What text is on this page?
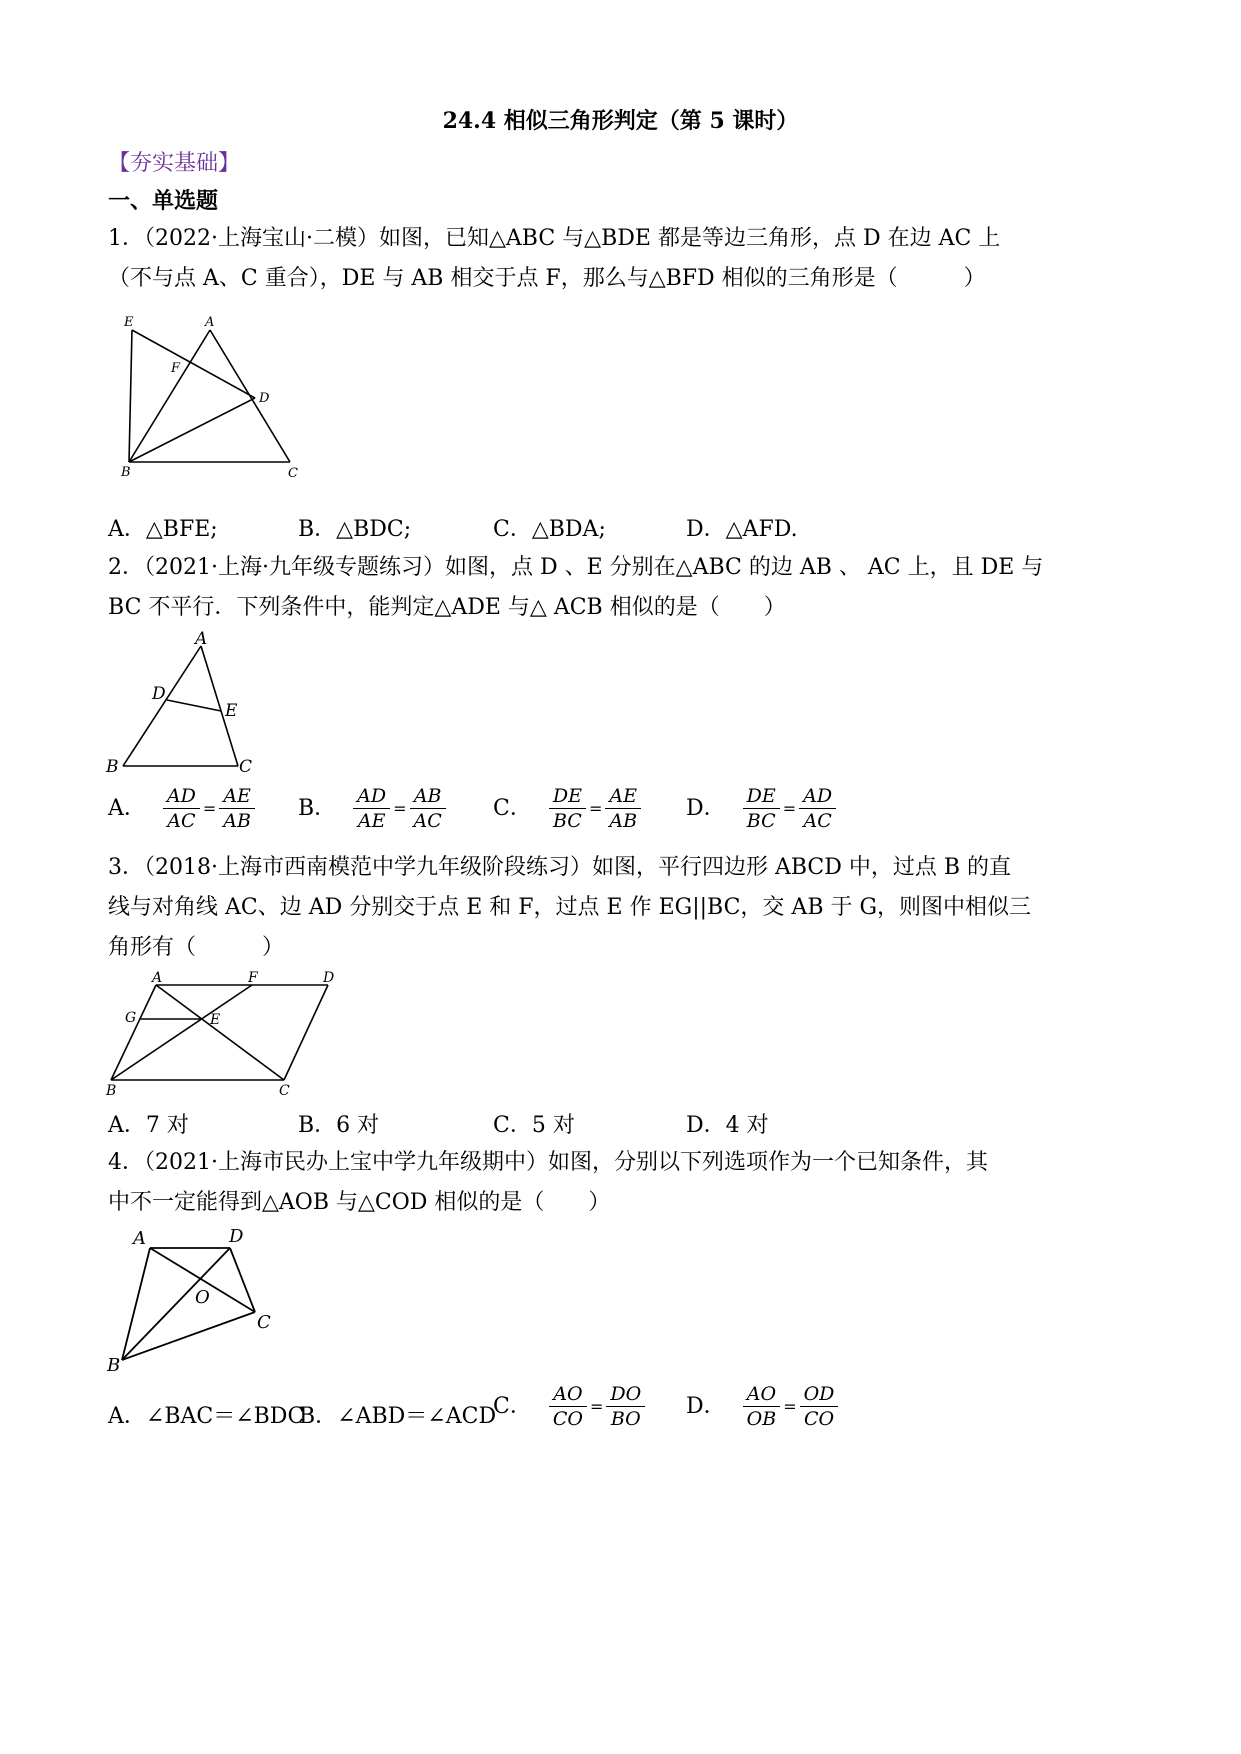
24.4 相似三角形判定（第 5 课时）
【夯实基础】
一、单选题
1．（2022·上海宝山·二模）如图，已知△ABC 与△BDE 都是等边三角形，点 D 在边 AC 上
（不与点 A、C 重合），DE 与 AB 相交于点 F，那么与△BFD 相似的三角形是（　　　）
E	A
F
D
B	C
A．△BFE;	B．△BDC;	C．△BDA;	D．△AFD.
2．（2021·上海·九年级专题练习）如图，点 D 、E 分别在△ABC 的边 AB 、 AC 上，且 DE 与
BC 不平行．下列条件中，能判定△ADE 与△ ACB 相似的是（　　）
A
D
E
B	C
A． $\frac{AD}{AC} = \frac{AE}{AB}$ B． $\frac{AD}{AE} = \frac{AB}{AC}$ C． $\frac{DE}{BC} = \frac{AE}{AB}$ D． $\frac{DE}{BC} = \frac{AD}{AC}$
3．（2018·上海市西南模范中学九年级阶段练习）如图，平行四边形 ABCD 中，过点 B 的直
线与对角线 AC、边 AD 分别交于点 E 和 F，过点 E 作 EG||BC，交 AB 于 G，则图中相似三
角形有（　　　）
A	F	D
G	E
B	C
A．7 对	B．6 对	C．5 对	D．4 对
4．（2021·上海市民办上宝中学九年级期中）如图，分别以下列选项作为一个已知条件，其
中不一定能得到△AOB 与△COD 相似的是（　　）
A	D
O
C
B
A．∠BAC＝∠BDC
B．∠ABD＝∠ACD
C． $\frac{AO}{CO} = \frac{DO}{BO}$ D． $\frac{AO}{OB} = \frac{OD}{CO}$
